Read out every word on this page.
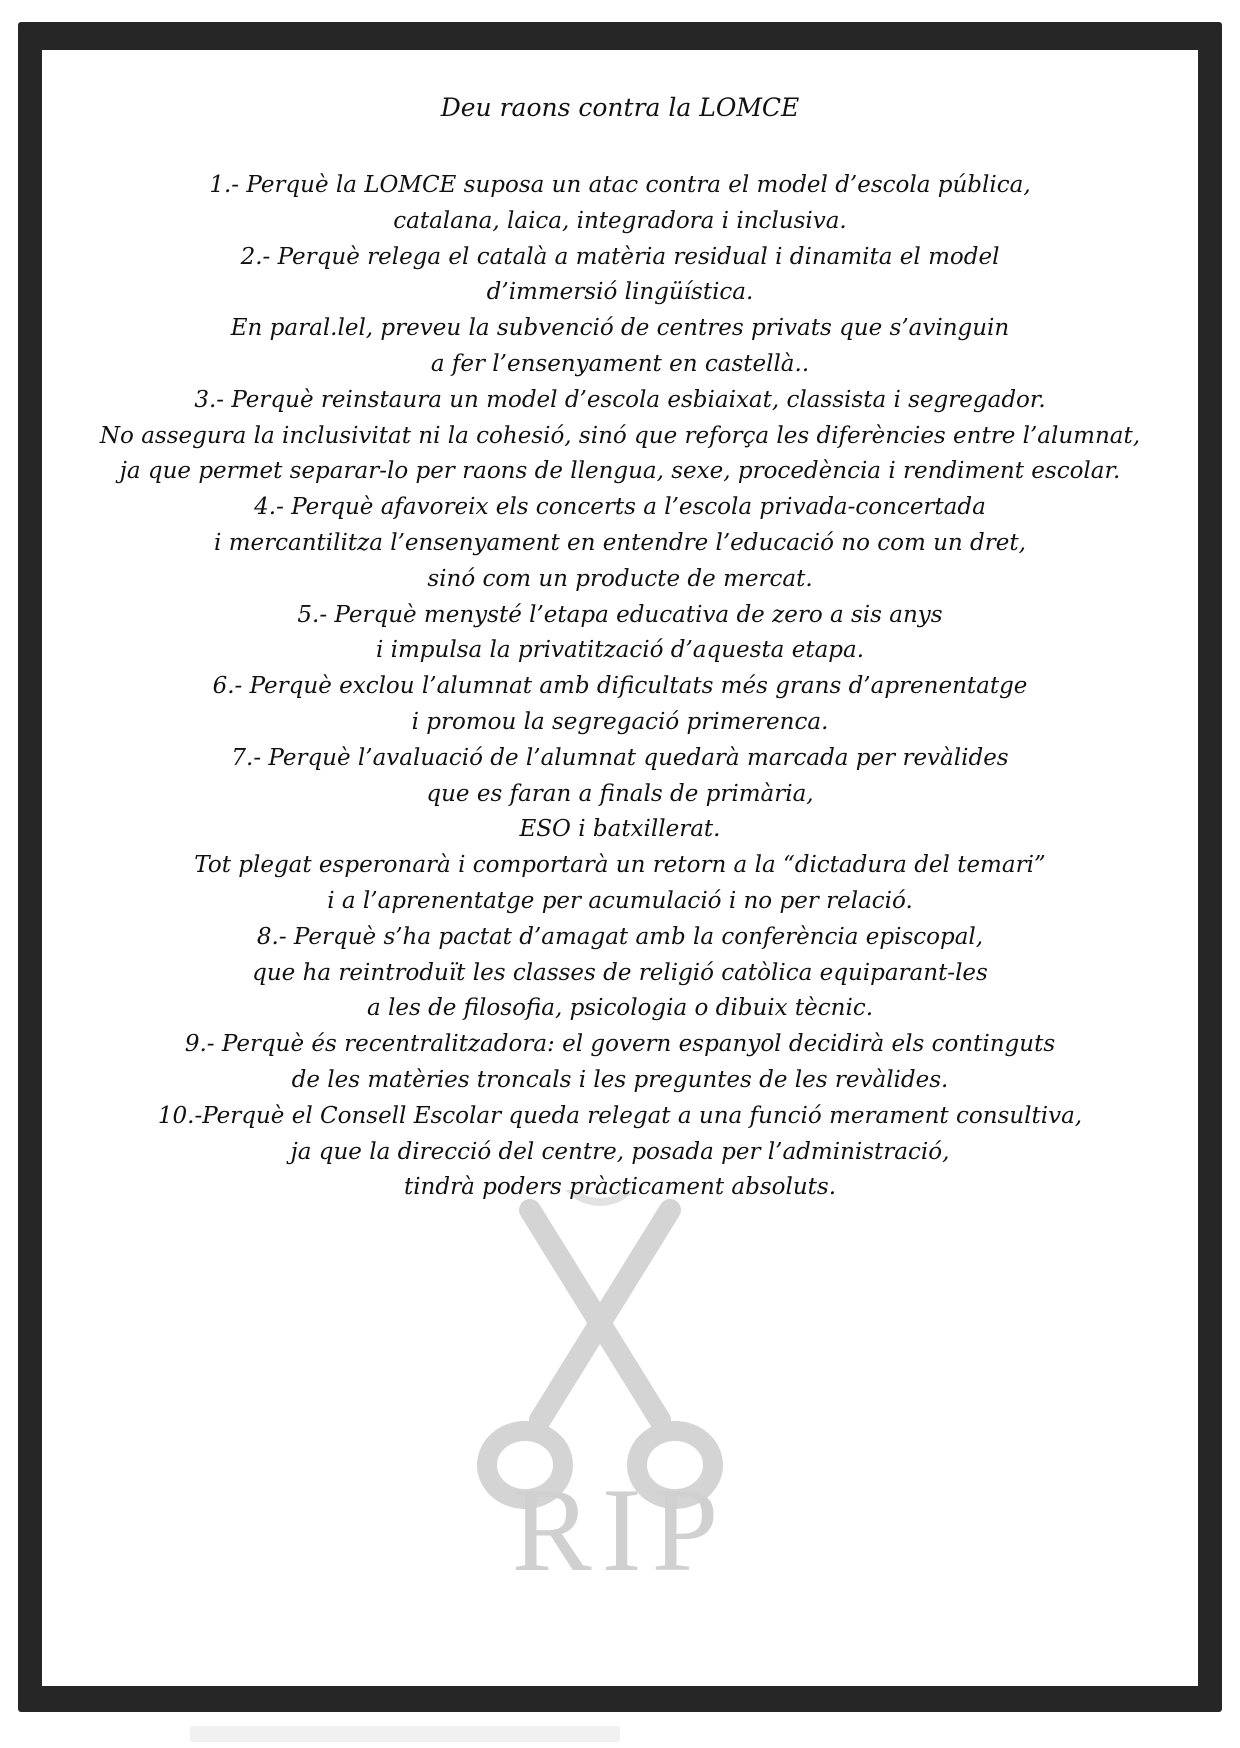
RIP
Deu raons contra la LOMCE
1.- Perquè la LOMCE suposa un atac contra el model d’escola pública,
catalana, laica, integradora i inclusiva.
2.- Perquè relega el català a matèria residual i dinamita el model
d’immersió lingüística.
En paral.lel, preveu la subvenció de centres privats que s’avinguin
a fer l’ensenyament en castellà..
3.- Perquè reinstaura un model d’escola esbiaixat, classista i segregador.
No assegura la inclusivitat ni la cohesió, sinó que reforça les diferències entre l’alumnat,
ja que permet separar-lo per raons de llengua, sexe, procedència i rendiment escolar.
4.- Perquè afavoreix els concerts a l’escola privada-concertada
i mercantilitza l’ensenyament en entendre l’educació no com un dret,
sinó com un producte de mercat.
5.- Perquè menysté l’etapa educativa de zero a sis anys
i impulsa la privatització d’aquesta etapa.
6.- Perquè exclou l’alumnat amb dificultats més grans d’aprenentatge
i promou la segregació primerenca.
7.- Perquè l’avaluació de l’alumnat quedarà marcada per revàlides
que es faran a finals de primària,
ESO i batxillerat.
Tot plegat esperonarà i comportarà un retorn a la “dictadura del temari”
i a l’aprenentatge per acumulació i no per relació.
8.- Perquè s’ha pactat d’amagat amb la conferència episcopal,
que ha reintroduït les classes de religió catòlica equiparant-les
a les de filosofia, psicologia o dibuix tècnic.
9.- Perquè és recentralitzadora: el govern espanyol decidirà els continguts
de les matèries troncals i les preguntes de les revàlides.
10.-Perquè el Consell Escolar queda relegat a una funció merament consultiva,
ja que la direcció del centre, posada per l’administració,
tindrà poders pràcticament absoluts.
